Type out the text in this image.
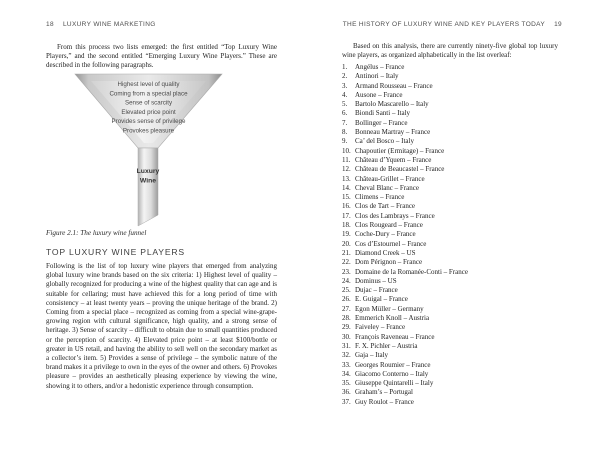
18 LUXURY WINE MARKETING
From this process two lists emerged: the first entitled “Top Luxury Wine Players,” and the second entitled “Emerging Luxury Wine Players.” These are described in the following paragraphs.
Highest level of quality
Coming from a special place
Sense of scarcity
Elevated price point
Provides sense of privilege
Provokes pleasure
Luxury
Wine
Figure 2.1: The luxury wine funnel
TOP LUXURY WINE PLAYERS
Following is the list of top luxury wine players that emerged from analyzing global luxury wine brands based on the six criteria: 1) Highest level of quality – globally recognized for producing a wine of the highest quality that can age and is suitable for cellaring; must have achieved this for a long period of time with consistency – at least twenty years – proving the unique heritage of the brand. 2) Coming from a special place – recognized as coming from a special wine-grape-growing region with cultural significance, high quality, and a strong sense of heritage. 3) Sense of scarcity – difficult to obtain due to small quantities produced or the perception of scarcity. 4) Elevated price point – at least $100/bottle or greater in US retail, and having the ability to sell well on the secondary market as a collector’s item. 5) Provides a sense of privilege – the symbolic nature of the brand makes it a privilege to own in the eyes of the owner and others. 6) Provokes pleasure – provides an aesthetically pleasing experience by viewing the wine, showing it to others, and/or a hedonistic experience through consumption.
THE HISTORY OF LUXURY WINE AND KEY PLAYERS TODAY 19
Based on this analysis, there are currently ninety-five global top luxury wine players, as organized alphabetically in the list overleaf:
1. Angélus – France
2. Antinori – Italy
3. Armand Rousseau – France
4. Ausone – France
5. Bartolo Mascarello – Italy
6. Biondi Santi – Italy
7. Bollinger – France
8. Bonneau Martray – France
9. Ca’ del Bosco – Italy
10. Chapoutier (Ermitage) – France
11. Château d’Yquem – France
12. Château de Beaucastel – France
13. Château-Grillet – France
14. Cheval Blanc – France
15. Climens – France
16. Clos de Tart – France
17. Clos des Lambrays – France
18. Clos Rougeard – France
19. Coche-Dury – France
20. Cos d’Estournel – France
21. Diamond Creek – US
22. Dom Pérignon – France
23. Domaine de la Romanée-Conti – France
24. Dominus – US
25. Dujac – France
26. E. Guigal – France
27. Egon Müller – Germany
28. Emmerich Knoll – Austria
29. Faiveley – France
30. François Raveneau – France
31. F. X. Pichler – Austria
32. Gaja – Italy
33. Georges Roumier – France
34. Giacomo Conterno – Italy
35. Giuseppe Quintarelli – Italy
36. Graham’s – Portugal
37. Guy Roulot – France
